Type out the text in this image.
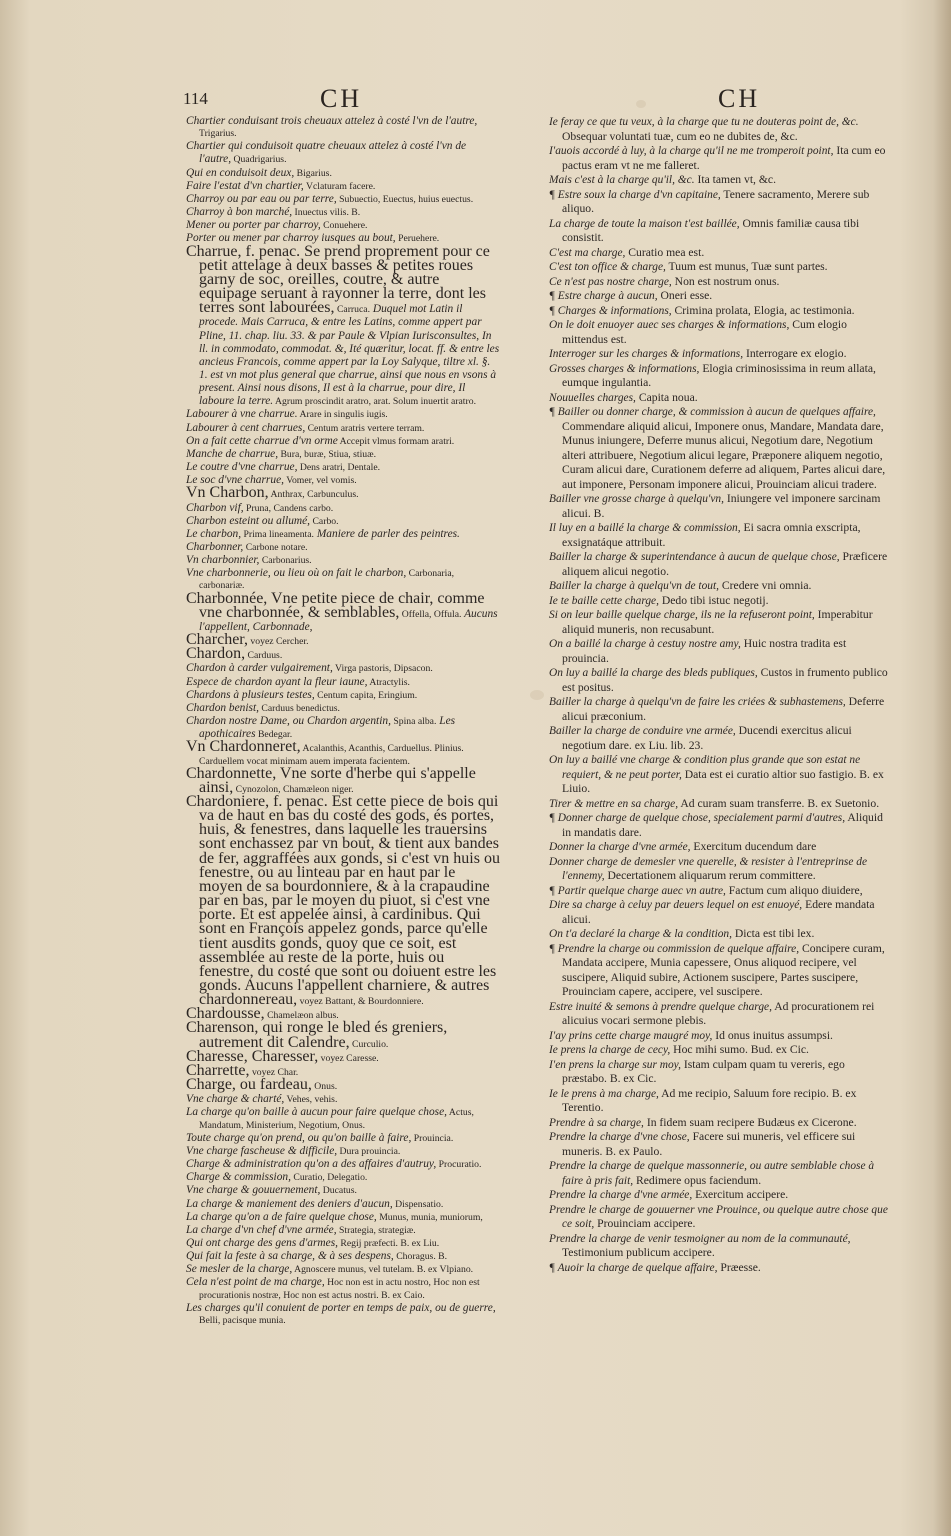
114	CH	CH

Chartier conduisant trois cheuaux attelez à costé l'vn de l'autre, Trigarius.

Chartier qui conduisoit quatre cheuaux attelez à costé l'vn de l'autre, Quadrigarius.

Qui en conduisoit deux, Bigarius.

Faire l'estat d'vn chartier, Vclaturam facere.

Charroy ou par eau ou par terre, Subuectio, Euectus, huius euectus.

Charroy à bon marché, Inuectus vilis. B.

Mener ou porter par charroy, Conuehere.

Porter ou mener par charroy iusques au bout, Peruehere.

Charrue, f. penac. Se prend proprement pour ce petit attelage à deux basses & petites roues garny de soc, oreilles, coutre, & autre equipage seruant à rayonner la terre, dont les terres sont labourées, Carruca. Duquel mot Latin il procede. Mais Carruca, & entre les Latins, comme appert par Pline, 11. chap. liu. 33. & par Paule & Vlpian Iurisconsultes, In ll. in commodato, commodat. &, Ité quæritur, locat. ff. & entre les ancieus Francois, comme appert par la Loy Salyque, tiltre xl. §. 1. est vn mot plus general que charrue, ainsi que nous en vsons à present. Ainsi nous disons, Il est à la charrue, pour dire, Il laboure la terre. Agrum proscindit aratro, arat. Solum inuertit aratro.

Labourer à vne charrue. Arare in singulis iugis.

Labourer à cent charrues, Centum aratris vertere terram.

On a fait cette charrue d'vn orme Accepit vlmus formam aratri.

Manche de charrue, Bura, buræ, Stiua, stiuæ.

Le coutre d'vne charrue, Dens aratri, Dentale.

Le soc d'vne charrue, Vomer, vel vomis.

Vn Charbon, Anthrax, Carbunculus.

Charbon vif, Pruna, Candens carbo.

Charbon esteint ou allumé, Carbo.

Le charbon, Prima lineamenta. Maniere de parler des peintres.

Charbonner, Carbone notare.

Vn charbonnier, Carbonarius.

Vne charbonnerie, ou lieu où on fait le charbon, Carbonaria, carbonariæ.

Charbonnée, Vne petite piece de chair, comme vne charbonnée, & semblables, Offella, Offula. Aucuns l'appellent, Carbonnade,

Charcher, voyez Cercher.

Chardon, Carduus.

Chardon à carder vulgairement, Virga pastoris, Dipsacon.

Espece de chardon ayant la fleur iaune, Atractylis.

Chardons à plusieurs testes, Centum capita, Eringium.

Chardon benist, Carduus benedictus.

Chardon nostre Dame, ou Chardon argentin, Spina alba. Les apothicaires Bedegar.

Vn Chardonneret, Acalanthis, Acanthis, Carduellus. Plinius. Carduellem vocat minimam auem imperata facientem.

Chardonnette, Vne sorte d'herbe qui s'appelle ainsi, Cynozolon, Chamæleon niger.

Chardoniere, f. penac. Est cette piece de bois qui va de haut en bas du costé des gods, és portes, huis, & fenestres, dans laquelle les trauersins sont enchassez par vn bout, & tient aux bandes de fer, aggraffées aux gonds, si c'est vn huis ou fenestre, ou au linteau par en haut par le moyen de sa bourdonniere, & à la crapaudine par en bas, par le moyen du piuot, si c'est vne porte. Et est appelée ainsi, à cardinibus. Qui sont en François appelez gonds, parce qu'elle tient ausdits gonds, quoy que ce soit, est assemblée au reste de la porte, huis ou fenestre, du costé que sont ou doiuent estre les gonds. Aucuns l'appellent charniere, & autres chardonnereau, voyez Battant, & Bourdonniere.

Chardousse, Chamelæon albus.

Charenson, qui ronge le bled és greniers, autrement dit Calendre, Curculio.

Charesse, Charesser, voyez Caresse.

Charrette, voyez Char.

Charge, ou fardeau, Onus.

Vne charge & charté, Vehes, vehis.

La charge qu'on baille à aucun pour faire quelque chose, Actus, Mandatum, Ministerium, Negotium, Onus.

Toute charge qu'on prend, ou qu'on baille à faire, Prouincia.

Vne charge fascheuse & difficile, Dura prouincia.

Charge & administration qu'on a des affaires d'autruy, Procuratio.

Charge & commission, Curatio, Delegatio.

Vne charge & gouuernement, Ducatus.

La charge & maniement des deniers d'aucun, Dispensatio.

La charge qu'on a de faire quelque chose, Munus, munia, muniorum,

La charge d'vn chef d'vne armée, Strategia, strategiæ.

Qui ont charge des gens d'armes, Regij præfecti. B. ex Liu.

Qui fait la feste à sa charge, & à ses despens, Choragus. B.

Se mesler de la charge, Agnoscere munus, vel tutelam. B. ex Vlpiano.

Cela n'est point de ma charge, Hoc non est in actu nostro, Hoc non est procurationis nostræ, Hoc non est actus nostri. B. ex Caio.

Les charges qu'il conuient de porter en temps de paix, ou de guerre, Belli, pacisque munia.

Ie feray ce que tu veux, à la charge que tu ne douteras point de, &c. Obsequar voluntati tuæ, cum eo ne dubites de, &c.

I'auois accordé à luy, à la charge qu'il ne me tromperoit point, Ita cum eo pactus eram vt ne me falleret.

Mais c'est à la charge qu'il, &c. Ita tamen vt, &c.

¶ Estre soux la charge d'vn capitaine, Tenere sacramento, Merere sub aliquo.

La charge de toute la maison t'est baillée, Omnis familiæ causa tibi consistit.

C'est ma charge, Curatio mea est.

C'est ton office & charge, Tuum est munus, Tuæ sunt partes.

Ce n'est pas nostre charge, Non est nostrum onus.

¶ Estre charge à aucun, Oneri esse.

¶ Charges & informations, Crimina prolata, Elogia, ac testimonia.

On le doit enuoyer auec ses charges & informations, Cum elogio mittendus est.

Interroger sur les charges & informations, Interrogare ex elogio.

Grosses charges & informations, Elogia criminosissima in reum allata, eumque ingulantia.

Nouuelles charges, Capita noua.

¶ Bailler ou donner charge, & commission à aucun de quelques affaire, Commendare aliquid alicui, Imponere onus, Mandare, Mandata dare, Munus iniungere, Deferre munus alicui, Negotium dare, Negotium alteri attribuere, Negotium alicui legare, Præponere aliquem negotio, Curam alicui dare, Curationem deferre ad aliquem, Partes alicui dare, aut imponere, Personam imponere alicui, Prouinciam alicui tradere.

Bailler vne grosse charge à quelqu'vn, Iniungere vel imponere sarcinam alicui. B.

Il luy en a baillé la charge & commission, Ei sacra omnia exscripta, exsignatáque attribuit.

Bailler la charge & superintendance à aucun de quelque chose, Præficere aliquem alicui negotio.

Bailler la charge à quelqu'vn de tout, Credere vni omnia.

Ie te baille cette charge, Dedo tibi istuc negotij.

Si on leur baille quelque charge, ils ne la refuseront point, Imperabitur aliquid muneris, non recusabunt.

On a baillé la charge à cestuy nostre amy, Huic nostra tradita est prouincia.

On luy a baillé la charge des bleds publiques, Custos in frumento publico est positus.

Bailler la charge à quelqu'vn de faire les criées & subhastemens, Deferre alicui præconium.

Bailler la charge de conduire vne armée, Ducendi exercitus alicui negotium dare. ex Liu. lib. 23.

On luy a baillé vne charge & condition plus grande que son estat ne requiert, & ne peut porter, Data est ei curatio altior suo fastigio. B. ex Liuio.

Tirer & mettre en sa charge, Ad curam suam transferre. B. ex Suetonio.

¶ Donner charge de quelque chose, specialement parmi d'autres, Aliquid in mandatis dare.

Donner la charge d'vne armée, Exercitum ducendum dare

Donner charge de demesler vne querelle, & resister à l'entreprinse de l'ennemy, Decertationem aliquarum rerum committere.

¶ Partir quelque charge auec vn autre, Factum cum aliquo diuidere,

Dire sa charge à celuy par deuers lequel on est enuoyé, Edere mandata alicui.

On t'a declaré la charge & la condition, Dicta est tibi lex.

¶ Prendre la charge ou commission de quelque affaire, Concipere curam, Mandata accipere, Munia capessere, Onus aliquod recipere, vel suscipere, Aliquid subire, Actionem suscipere, Partes suscipere, Prouinciam capere, accipere, vel suscipere.

Estre inuité & semons à prendre quelque charge, Ad procurationem rei alicuius vocari sermone plebis.

I'ay prins cette charge maugré moy, Id onus inuitus assumpsi.

Ie prens la charge de cecy, Hoc mihi sumo. Bud. ex Cic.

I'en prens la charge sur moy, Istam culpam quam tu vereris, ego præstabo. B. ex Cic.

Ie le prens à ma charge, Ad me recipio, Saluum fore recipio. B. ex Terentio.

Prendre à sa charge, In fidem suam recipere Budæus ex Cicerone.

Prendre la charge d'vne chose, Facere sui muneris, vel efficere sui muneris. B. ex Paulo.

Prendre la charge de quelque massonnerie, ou autre semblable chose à faire à pris fait, Redimere opus faciendum.

Prendre la charge d'vne armée, Exercitum accipere.

Prendre le charge de gouuerner vne Prouince, ou quelque autre chose que ce soit, Prouinciam accipere.

Prendre la charge de venir tesmoigner au nom de la communauté, Testimonium publicum accipere.

¶ Auoir la charge de quelque affaire, Præesse.
